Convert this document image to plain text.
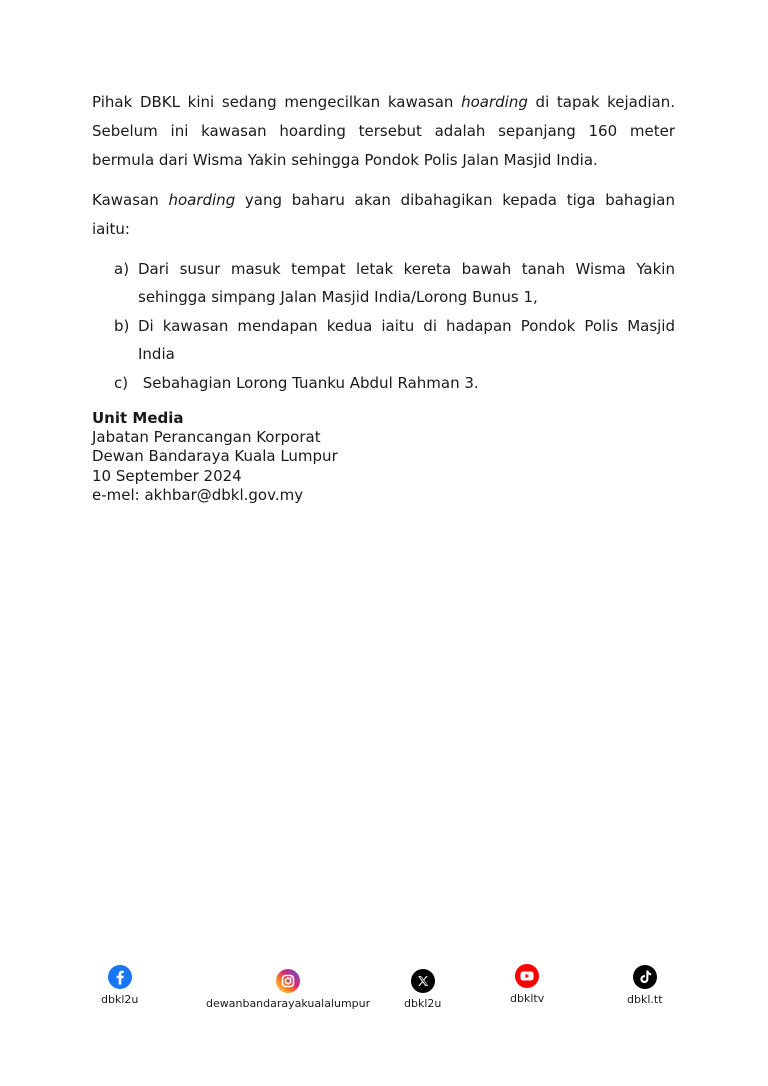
Pihak DBKL kini sedang mengecilkan kawasan hoarding di tapak kejadian. Sebelum ini kawasan hoarding tersebut adalah sepanjang 160 meter bermula dari Wisma Yakin sehingga Pondok Polis Jalan Masjid India.

Kawasan hoarding yang baharu akan dibahagikan kepada tiga bahagian iaitu:

a) Dari susur masuk tempat letak kereta bawah tanah Wisma Yakin sehingga simpang Jalan Masjid India/Lorong Bunus 1,
b) Di kawasan mendapan kedua iaitu di hadapan Pondok Polis Masjid India
c) Sebahagian Lorong Tuanku Abdul Rahman 3.
Unit Media
Jabatan Perancangan Korporat
Dewan Bandaraya Kuala Lumpur
10 September 2024
e-mel: akhbar@dbkl.gov.my
dbkl2u	dewanbandarayakualalumpur	dbkl2u	dbkltv	dbkl.tt
